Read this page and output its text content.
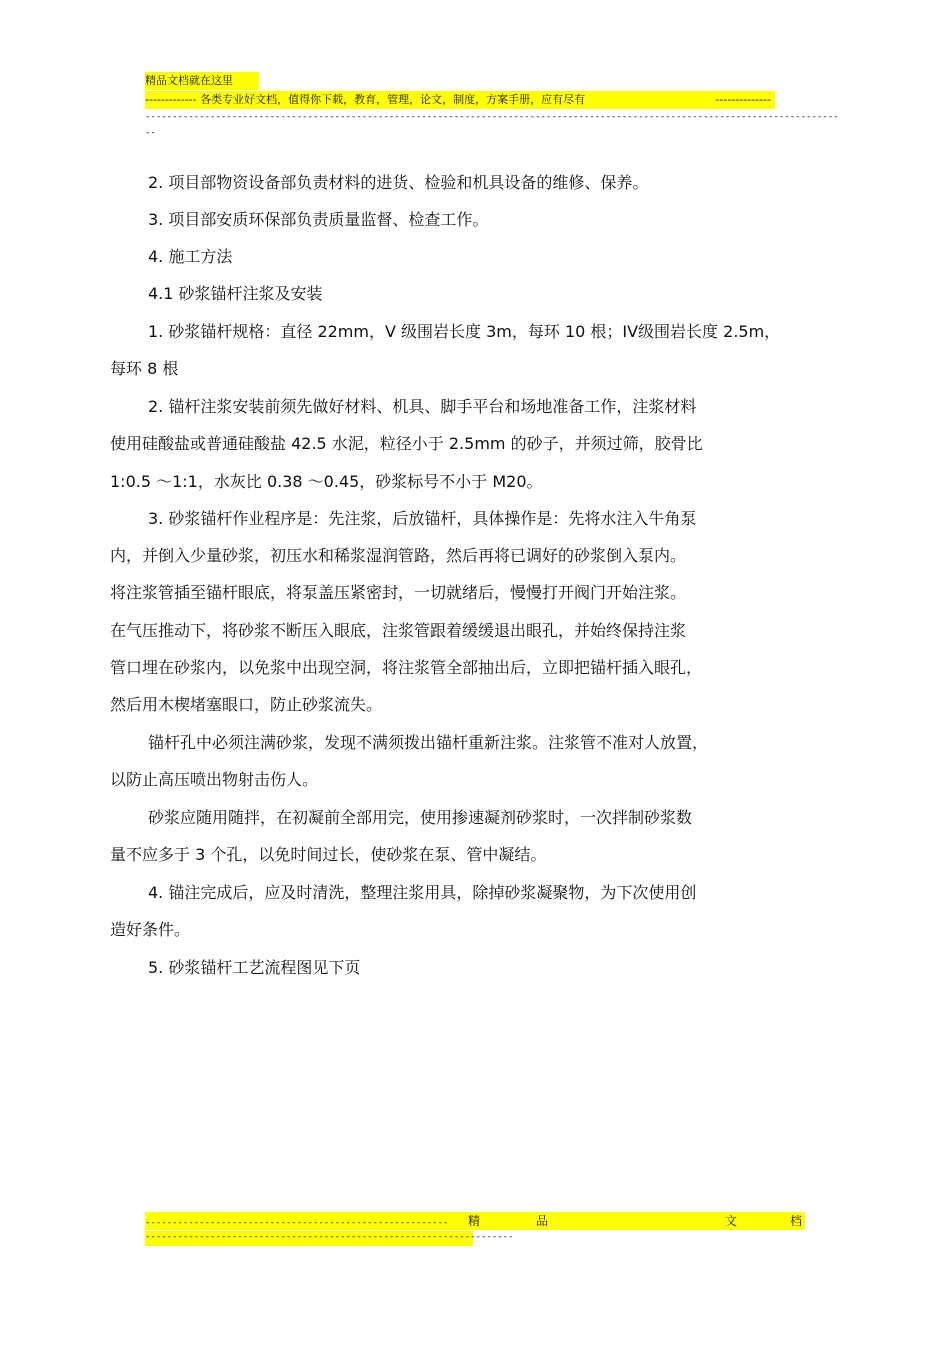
精品文档就在这里
------------- 各类专业好文档，值得你下载，教育，管理，论文，制度，方案手册，应有尽有	--------------
--------------------------------------------------------------------------------------------------------------------------------
--
2. 项目部物资设备部负责材料的进货、检验和机具设备的维修、保养。
3. 项目部安质环保部负责质量监督、检查工作。
4. 施工方法
4.1 砂浆锚杆注浆及安装
1. 砂浆锚杆规格：直径 22mm，V 级围岩长度 3m，每环 10 根；IV级围岩长度 2.5m，
每环 8 根
2. 锚杆注浆安装前须先做好材料、机具、脚手平台和场地准备工作，注浆材料
使用硅酸盐或普通硅酸盐 42.5 水泥，粒径小于 2.5mm 的砂子，并须过筛，胶骨比
1:0.5 ～1:1，水灰比 0.38 ～0.45，砂浆标号不小于 M20。
3. 砂浆锚杆作业程序是：先注浆，后放锚杆，具体操作是：先将水注入牛角泵
内，并倒入少量砂浆，初压水和稀浆湿润管路，然后再将已调好的砂浆倒入泵内。
将注浆管插至锚杆眼底，将泵盖压紧密封，一切就绪后，慢慢打开阀门开始注浆。
在气压推动下，将砂浆不断压入眼底，注浆管跟着缓缓退出眼孔，并始终保持注浆
管口埋在砂浆内，以免浆中出现空洞，将注浆管全部抽出后，立即把锚杆插入眼孔，
然后用木楔堵塞眼口，防止砂浆流失。
锚杆孔中必须注满砂浆，发现不满须拨出锚杆重新注浆。注浆管不准对人放置，
以防止高压喷出物射击伤人。
砂浆应随用随拌，在初凝前全部用完，使用掺速凝剂砂浆时，一次拌制砂浆数
量不应多于 3 个孔，以免时间过长，使砂浆在泵、管中凝结。
4. 锚注完成后，应及时清洗，整理注浆用具，除掉砂浆凝聚物，为下次使用创
造好条件。
5. 砂浆锚杆工艺流程图见下页
-------------------------------------------------------- 精	品	文	档
--------------------------------------------------------------------
